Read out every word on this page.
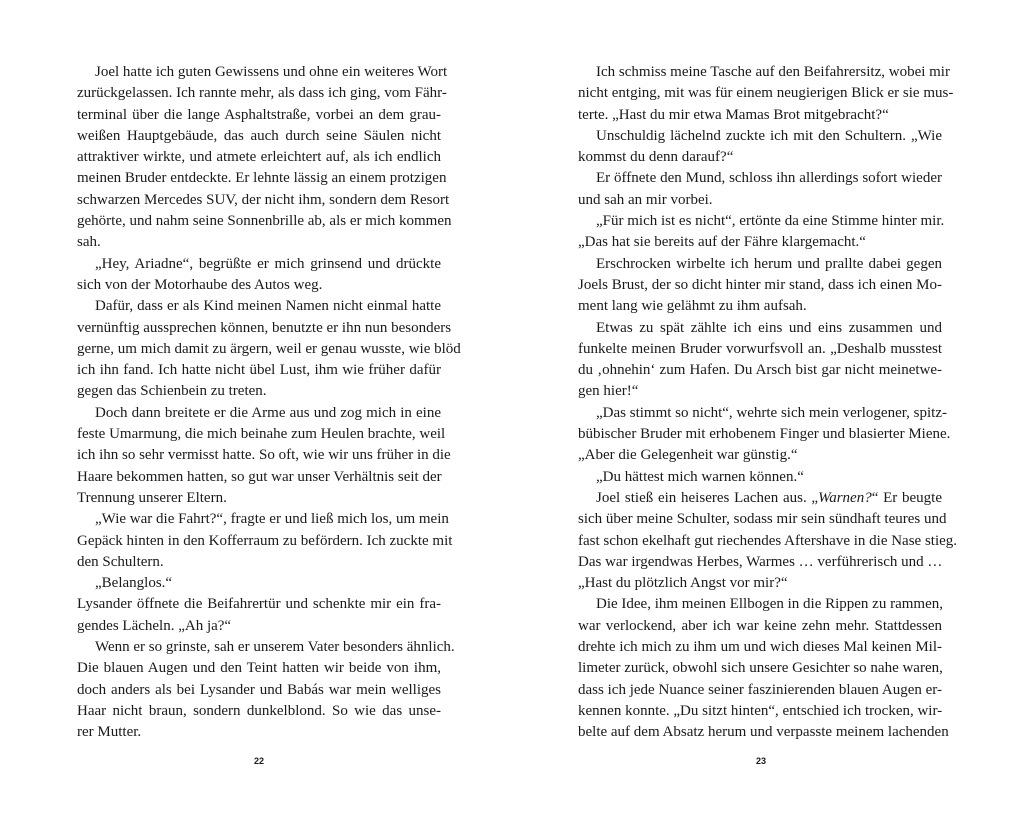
Joel hatte ich guten Gewissens und ohne ein weiteres Wort
zurückgelassen. Ich rannte mehr, als dass ich ging, vom Fähr-
terminal über die lange Asphaltstraße, vorbei an dem grau-
weißen Hauptgebäude, das auch durch seine Säulen nicht
attraktiver wirkte, und atmete erleichtert auf, als ich endlich
meinen Bruder entdeckte. Er lehnte lässig an einem protzigen
schwarzen Mercedes SUV, der nicht ihm, sondern dem Resort
gehörte, und nahm seine Sonnenbrille ab, als er mich kommen
sah.
„Hey, Ariadne“, begrüßte er mich grinsend und drückte
sich von der Motorhaube des Autos weg.
Dafür, dass er als Kind meinen Namen nicht einmal hatte
vernünftig aussprechen können, benutzte er ihn nun besonders
gerne, um mich damit zu ärgern, weil er genau wusste, wie blöd
ich ihn fand. Ich hatte nicht übel Lust, ihm wie früher dafür
gegen das Schienbein zu treten.
Doch dann breitete er die Arme aus und zog mich in eine
feste Umarmung, die mich beinahe zum Heulen brachte, weil
ich ihn so sehr vermisst hatte. So oft, wie wir uns früher in die
Haare bekommen hatten, so gut war unser Verhältnis seit der
Trennung unserer Eltern.
„Wie war die Fahrt?“, fragte er und ließ mich los, um mein
Gepäck hinten in den Kofferraum zu befördern. Ich zuckte mit
den Schultern.
„Belanglos.“
Lysander öffnete die Beifahrertür und schenkte mir ein fra-
gendes Lächeln. „Ah ja?“
Wenn er so grinste, sah er unserem Vater besonders ähnlich.
Die blauen Augen und den Teint hatten wir beide von ihm,
doch anders als bei Lysander und Babás war mein welliges
Haar nicht braun, sondern dunkelblond. So wie das unse-
rer Mutter.
22
Ich schmiss meine Tasche auf den Beifahrersitz, wobei mir
nicht entging, mit was für einem neugierigen Blick er sie mus-
terte. „Hast du mir etwa Mamas Brot mitgebracht?“
Unschuldig lächelnd zuckte ich mit den Schultern. „Wie
kommst du denn darauf?“
Er öffnete den Mund, schloss ihn allerdings sofort wieder
und sah an mir vorbei.
„Für mich ist es nicht“, ertönte da eine Stimme hinter mir.
„Das hat sie bereits auf der Fähre klargemacht.“
Erschrocken wirbelte ich herum und prallte dabei gegen
Joels Brust, der so dicht hinter mir stand, dass ich einen Mo-
ment lang wie gelähmt zu ihm aufsah.
Etwas zu spät zählte ich eins und eins zusammen und
funkelte meinen Bruder vorwurfsvoll an. „Deshalb musstest
du ‚ohnehin‘ zum Hafen. Du Arsch bist gar nicht meinetwe-
gen hier!“
„Das stimmt so nicht“, wehrte sich mein verlogener, spitz-
bübischer Bruder mit erhobenem Finger und blasierter Miene.
„Aber die Gelegenheit war günstig.“
„Du hättest mich warnen können.“
Joel stieß ein heiseres Lachen aus. „Warnen?“ Er beugte
sich über meine Schulter, sodass mir sein sündhaft teures und
fast schon ekelhaft gut riechendes Aftershave in die Nase stieg.
Das war irgendwas Herbes, Warmes … verführerisch und …
„Hast du plötzlich Angst vor mir?“
Die Idee, ihm meinen Ellbogen in die Rippen zu rammen,
war verlockend, aber ich war keine zehn mehr. Stattdessen
drehte ich mich zu ihm um und wich dieses Mal keinen Mil-
limeter zurück, obwohl sich unsere Gesichter so nahe waren,
dass ich jede Nuance seiner faszinierenden blauen Augen er-
kennen konnte. „Du sitzt hinten“, entschied ich trocken, wir-
belte auf dem Absatz herum und verpasste meinem lachenden
23
